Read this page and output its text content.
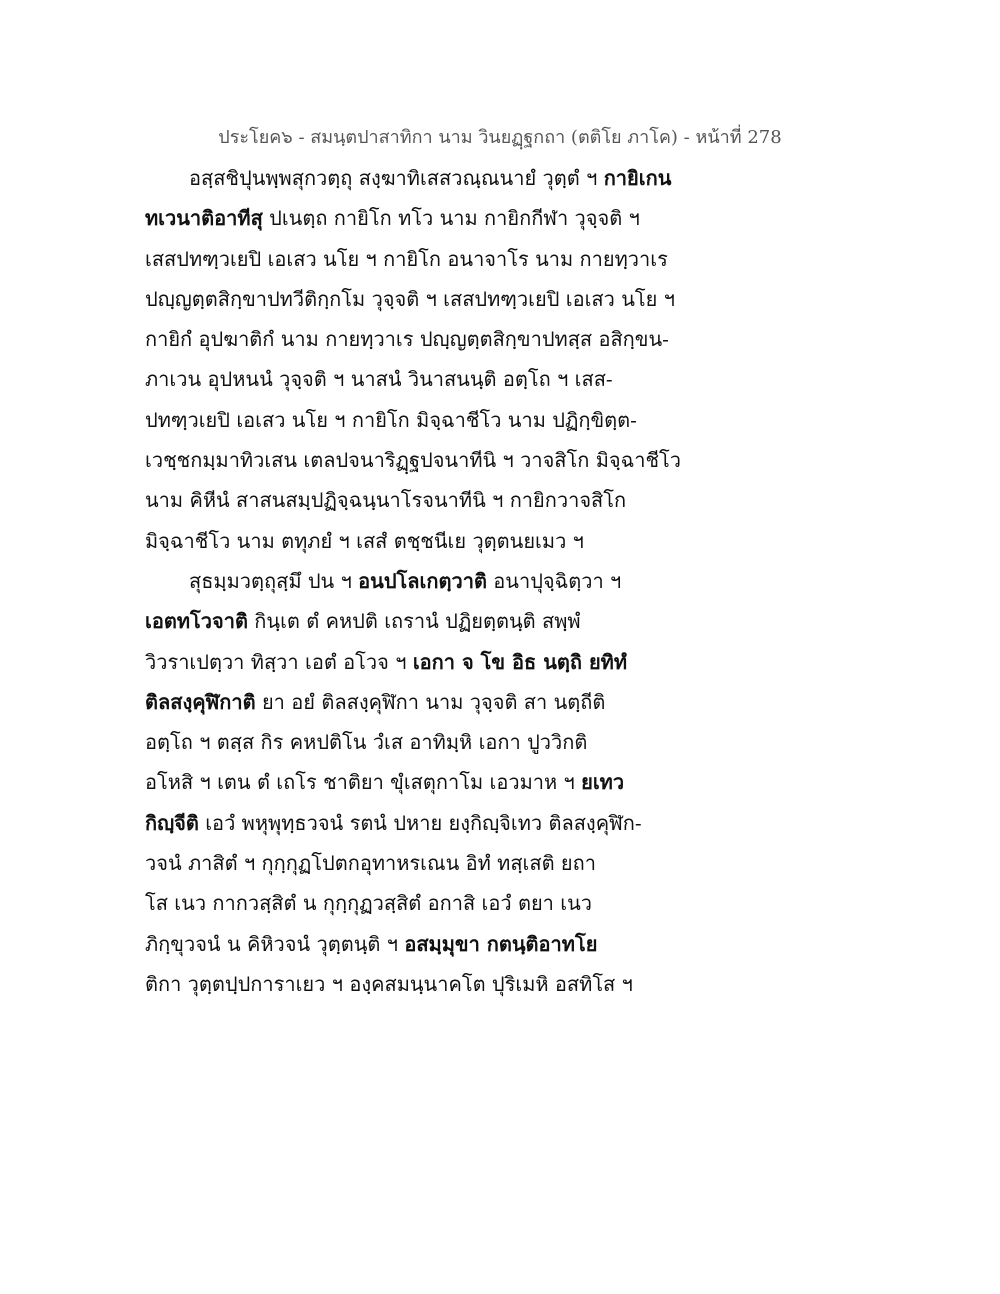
ประโยค๖ - สมนฺตปาสาทิกา นาม วินยฏฺฐกถา (ตติโย ภาโค) - หน้าที่ 278
อสฺสชิปุนพฺพสุกวตฺถุ สงฺฆาทิเสสวณฺณนายํ วุตฺตํ ฯ กายิเกน
ทเวนาติอาทีสุ ปเนตฺถ กายิโก ทโว นาม กายิกกีฬา วุจฺจติ ฯ
เสสปทฑฺวเยปิ เอเสว นโย ฯ กายิโก อนาจาโร นาม กายทฺวาเร
ปญฺญตฺตสิกฺขาปทวีติกฺกโม วุจฺจติ ฯ เสสปทฑฺวเยปิ เอเสว นโย ฯ
กายิกํ อุปฆาติกํ นาม กายทฺวาเร ปญฺญตฺตสิกฺขาปทสฺส อสิกฺขน-
ภาเวน อุปหนนํ วุจฺจติ ฯ นาสนํ วินาสนนฺติ อตฺโถ ฯ เสส-
ปทฑฺวเยปิ เอเสว นโย ฯ กายิโก มิจฺฉาชีโว นาม ปฏิกฺขิตฺต-
เวชฺชกมฺมาทิวเสน เตลปจนาริฏฺฐปจนาทีนิ ฯ วาจสิโก มิจฺฉาชีโว
นาม คิหีนํ สาสนสมฺปฏิจฺฉนฺนาโรจนาทีนิ ฯ กายิกวาจสิโก
มิจฺฉาชีโว นาม ตทุภยํ ฯ เสสํ ตชฺชนีเย วุตฺตนยเมว ฯ
สุธมฺมวตฺถุสฺมึ ปน ฯ อนปโลเกตฺวาติ อนาปุจฺฉิตฺวา ฯ
เอตทโวจาติ กินฺเต ตํ คหปติ เถรานํ ปฏิยตฺตนฺติ สพฺพํ
วิวราเปตฺวา ทิสฺวา เอตํ อโวจ ฯ เอกา จ โข อิธ นตฺถิ ยทิทํ
ติลสงฺคุฬิกาติ ยา อยํ ติลสงฺคุฬิกา นาม วุจฺจติ สา นตฺถีติ
อตฺโถ ฯ ตสฺส กิร คหปติโน วํเส อาทิมฺหิ เอกา ปูววิกติ
อโหสิ ฯ เตน ตํ เถโร ชาติยา ขุํเสตุกาโม เอวมาห ฯ ยเทว
กิญฺจีติ เอวํ พหุพุทฺธวจนํ รตนํ ปหาย ยงฺกิญฺจิเทว ติลสงฺคุฬิก-
วจนํ ภาสิตํ ฯ กุกฺกุฏโปตกอุทาหรเณน อิทํ ทสฺเสติ ยถา
โส เนว กากวสฺสิตํ น กุกฺกุฏวสฺสิตํ อกาสิ เอวํ ตยา เนว
ภิกฺขุวจนํ น คิหิวจนํ วุตฺตนฺติ ฯ อสมฺมุขา กตนฺติอาทโย
ติกา วุตฺตปฺปการาเยว ฯ องฺคสมนฺนาคโต ปุริเมหิ อสทิโส ฯ
